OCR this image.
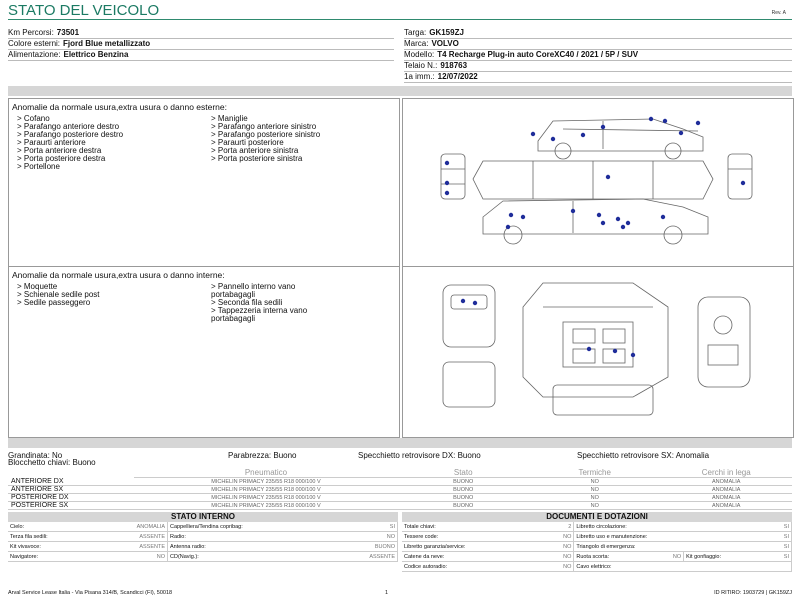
STATO DEL VEICOLO	Rev. A
Km Percorsi: 73501
Colore esterni: Fjord Blue metallizzato
Alimentazione: Elettrico Benzina
Targa: GK159ZJ
Marca: VOLVO
Modello: T4 Recharge Plug-in auto CoreXC40 / 2021 / 5P / SUV
Telaio N.: 918763
1a imm.: 12/07/2022
Anomalie da normale usura,extra usura o danno esterne:
> Cofano
> Parafango anteriore destro
> Parafango posteriore destro
> Paraurti anteriore
> Porta anteriore destra
> Porta posteriore destra
> Portellone
> Maniglie
> Parafango anteriore sinistro
> Parafango posteriore sinistro
> Paraurti posteriore
> Porta anteriore sinistra
> Porta posteriore sinistra
Anomalie da normale usura,extra usura o danno interne:
> Moquette
> Schienale sedile post
> Sedile passeggero
> Pannello interno vano
portabagagli
> Seconda fila sedili
> Tappezzeria interna vano
portabagagli
Grandinata: No	Parabrezza: Buono	Specchietto retrovisore DX: Buono	Specchietto retrovisore SX: Anomalia
Blocchetto chiavi: Buono
	Pneumatico	Stato	Termiche	Cerchi in lega
ANTERIORE DX	MICHELIN PRIMACY 235/55 R18 000/100 V	BUONO	NO	ANOMALIA
ANTERIORE SX	MICHELIN PRIMACY 235/55 R18 000/100 V	BUONO	NO	ANOMALIA
POSTERIORE DX	MICHELIN PRIMACY 235/55 R18 000/100 V	BUONO	NO	ANOMALIA
POSTERIORE SX	MICHELIN PRIMACY 235/55 R18 000/100 V	BUONO	NO	ANOMALIA
STATO INTERNO
Cielo:	ANOMALIA	Cappelliera/Tendina copribag:	SI
Terza fila sedili:	ASSENTE	Radio:	NO
Kit vivavoce:	ASSENTE	Antenna radio:	BUONO
Navigatore:	NO	CD(Navig.):	ASSENTE
DOCUMENTI E DOTAZIONI
Totale chiavi:	2	Libretto circolazione:			SI
Tessere code:	NO	Libretto uso e manutenzione:			SI
Libretto garanzia/service:	NO	Triangolo di emergenza:			SI
Catene da neve:	NO	Ruota scorta:	NO	Kit gonfiaggio:	SI
Codice autoradio:	NO	Cavo elettrico:			
Arval Service Lease Italia - Via Pisana 314/B, Scandicci (FI), 50018	1	ID RITIRO: 1903729 | GK159ZJ
